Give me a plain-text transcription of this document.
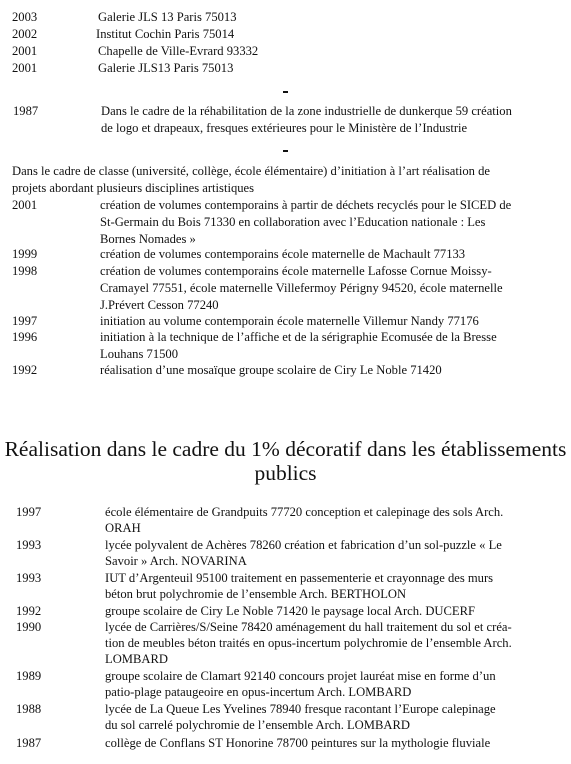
2003	Galerie JLS 13 Paris 75013
2002	Institut Cochin Paris 75014
2001	Chapelle de Ville-Evrard 93332
2001	Galerie JLS13 Paris 75013
1987	Dans le cadre de la réhabilitation de la zone industrielle de dunkerque 59 création
de logo et drapeaux, fresques extérieures pour le Ministère de l’Industrie
Dans le cadre de classe (université, collège, école élémentaire) d’initiation à l’art réalisation de
projets abordant plusieurs disciplines artistiques
2001	création de volumes contemporains à partir de déchets recyclés pour le SICED de
St-Germain du Bois 71330 en collaboration avec l’Education nationale : Les
Bornes Nomades »
1999	création de volumes contemporains école maternelle de Machault 77133
1998	création de volumes contemporains école maternelle Lafosse Cornue Moissy-
Cramayel 77551, école maternelle Villefermoy Périgny 94520, école maternelle
J.Prévert Cesson 77240
1997	initiation au volume contemporain école maternelle Villemur Nandy 77176
1996	initiation à la technique de l’affiche et de la sérigraphie Ecomusée de la Bresse
Louhans 71500
1992	réalisation d’une mosaïque groupe scolaire de Ciry Le Noble 71420
Réalisation dans le cadre du 1% décoratif dans les établissements
publics
1997	école élémentaire de Grandpuits 77720 conception et calepinage des sols Arch.
ORAH
1993	lycée polyvalent de Achères 78260 création et fabrication d’un sol-puzzle « Le
Savoir » Arch. NOVARINA
1993	IUT d’Argenteuil 95100 traitement en passementerie et crayonnage des murs
béton brut polychromie de l’ensemble Arch. BERTHOLON
1992	groupe scolaire de Ciry Le Noble 71420 le paysage local Arch. DUCERF
1990	lycée de Carrières/S/Seine 78420 aménagement du hall traitement du sol et créa-
tion de meubles béton traités en opus-incertum polychromie de l’ensemble Arch.
LOMBARD
1989	groupe scolaire de Clamart 92140 concours projet lauréat mise en forme d’un
patio-plage pataugeoire en opus-incertum Arch. LOMBARD
1988	lycée de La Queue Les Yvelines 78940 fresque racontant l’Europe calepinage
du sol carrelé polychromie de l’ensemble Arch. LOMBARD
1987	collège de Conflans ST Honorine 78700 peintures sur la mythologie fluviale
